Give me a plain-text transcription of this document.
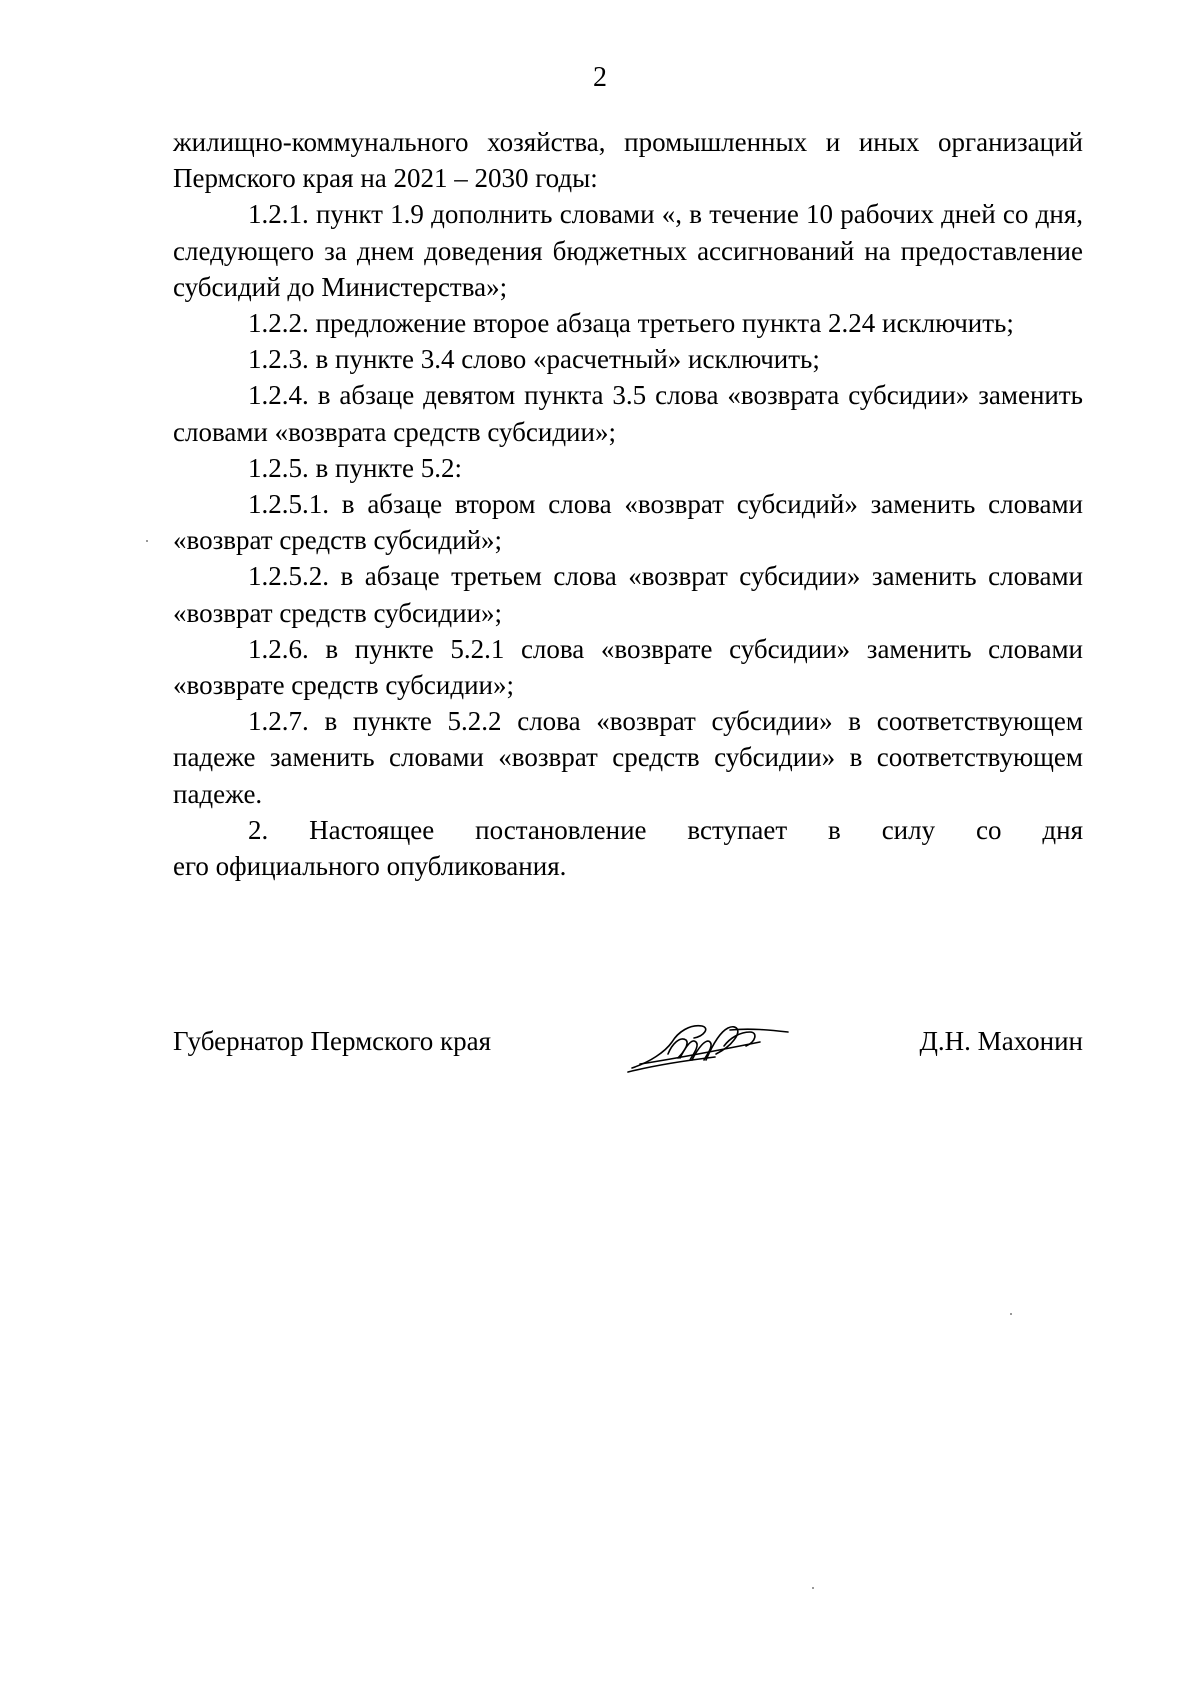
2

жилищно-коммунального хозяйства, промышленных и иных организаций Пермского края на 2021 – 2030 годы:

1.2.1. пункт 1.9 дополнить словами «, в течение 10 рабочих дней со дня, следующего за днем доведения бюджетных ассигнований на предоставление субсидий до Министерства»;

1.2.2. предложение второе абзаца третьего пункта 2.24 исключить;

1.2.3. в пункте 3.4 слово «расчетный» исключить;

1.2.4. в абзаце девятом пункта 3.5 слова «возврата субсидии» заменить словами «возврата средств субсидии»;

1.2.5. в пункте 5.2:

1.2.5.1. в абзаце втором слова «возврат субсидий» заменить словами «возврат средств субсидий»;

1.2.5.2. в абзаце третьем слова «возврат субсидии» заменить словами «возврат средств субсидии»;

1.2.6. в пункте 5.2.1 слова «возврате субсидии» заменить словами «возврате средств субсидии»;

1.2.7. в пункте 5.2.2 слова «возврат субсидии» в соответствующем падеже заменить словами «возврат средств субсидии» в соответствующем падеже.

2. Настоящее постановление вступает в силу со дня

его официального опубликования.

Губернатор Пермского края	Д.Н. Махонин
